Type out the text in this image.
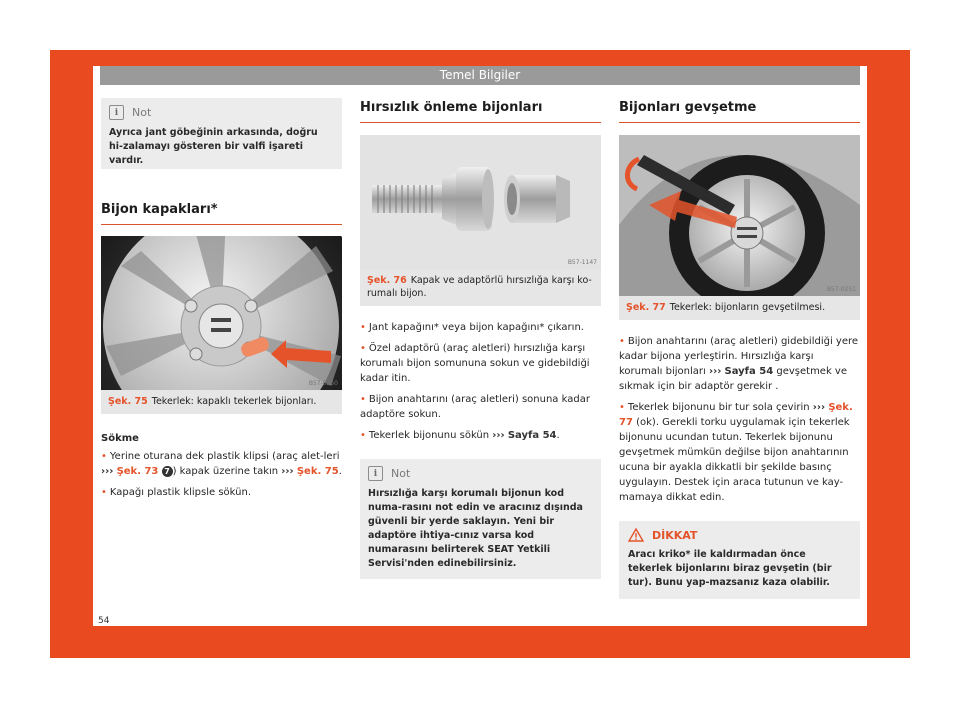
Temel Bilgiler
i	Not
Ayrıca jant göbeğinin arkasında, doğru hi-zalamayı gösteren bir valfi işareti vardır.
Bijon kapakları*
B57-0250
Şek. 75 Tekerlek: kapaklı tekerlek bijonları.

Sökme

• Yerine oturana dek plastik klipsi (araç alet-leri ››› Şek. 73 7 ) kapak üzerine takın ››› Şek. 75.

• Kapağı plastik klipsle sökün.

Hırsızlık önleme bijonları
B57-1147
Şek. 76 Kapak ve adaptörlü hırsızlığa karşı ko-rumalı bijon.

• Jant kapağını* veya bijon kapağını* çıkarın.

• Özel adaptörü (araç aletleri) hırsızlığa karşı korumalı bijon somununa sokun ve gidebildiği kadar itin.

• Bijon anahtarını (araç aletleri) sonuna kadar adaptöre sokun.

• Tekerlek bijonunu sökün ››› Sayfa 54.

i	Not
Hırsızlığa karşı korumalı bijonun kod numa-rasını not edin ve aracınız dışında güvenli bir yerde saklayın. Yeni bir adaptöre ihtiya-cınız varsa kod numarasını belirterek SEAT Yetkili Servisi'nden edinebilirsiniz.
Bijonları gevşetme
B57-0251
Şek. 77 Tekerlek: bijonların gevşetilmesi.

• Bijon anahtarını (araç aletleri) gidebildiği yere kadar bijona yerleştirin. Hırsızlığa karşı korumalı bijonları ››› Sayfa 54 gevşetmek ve sıkmak için bir adaptör gerekir .

• Tekerlek bijonunu bir tur sola çevirin ››› Şek. 77 (ok). Gerekli torku uygulamak için tekerlek bijonunu ucundan tutun. Tekerlek bijonunu gevşetmek mümkün değilse bijon anahtarının ucuna bir ayakla dikkatli bir şekilde basınç uygulayın. Destek için araca tutunun ve kay-mamaya dikkat edin.

DİKKAT
Aracı kriko* ile kaldırmadan önce tekerlek bijonlarını biraz gevşetin (bir tur). Bunu yap-mazsanız kaza olabilir.
54
